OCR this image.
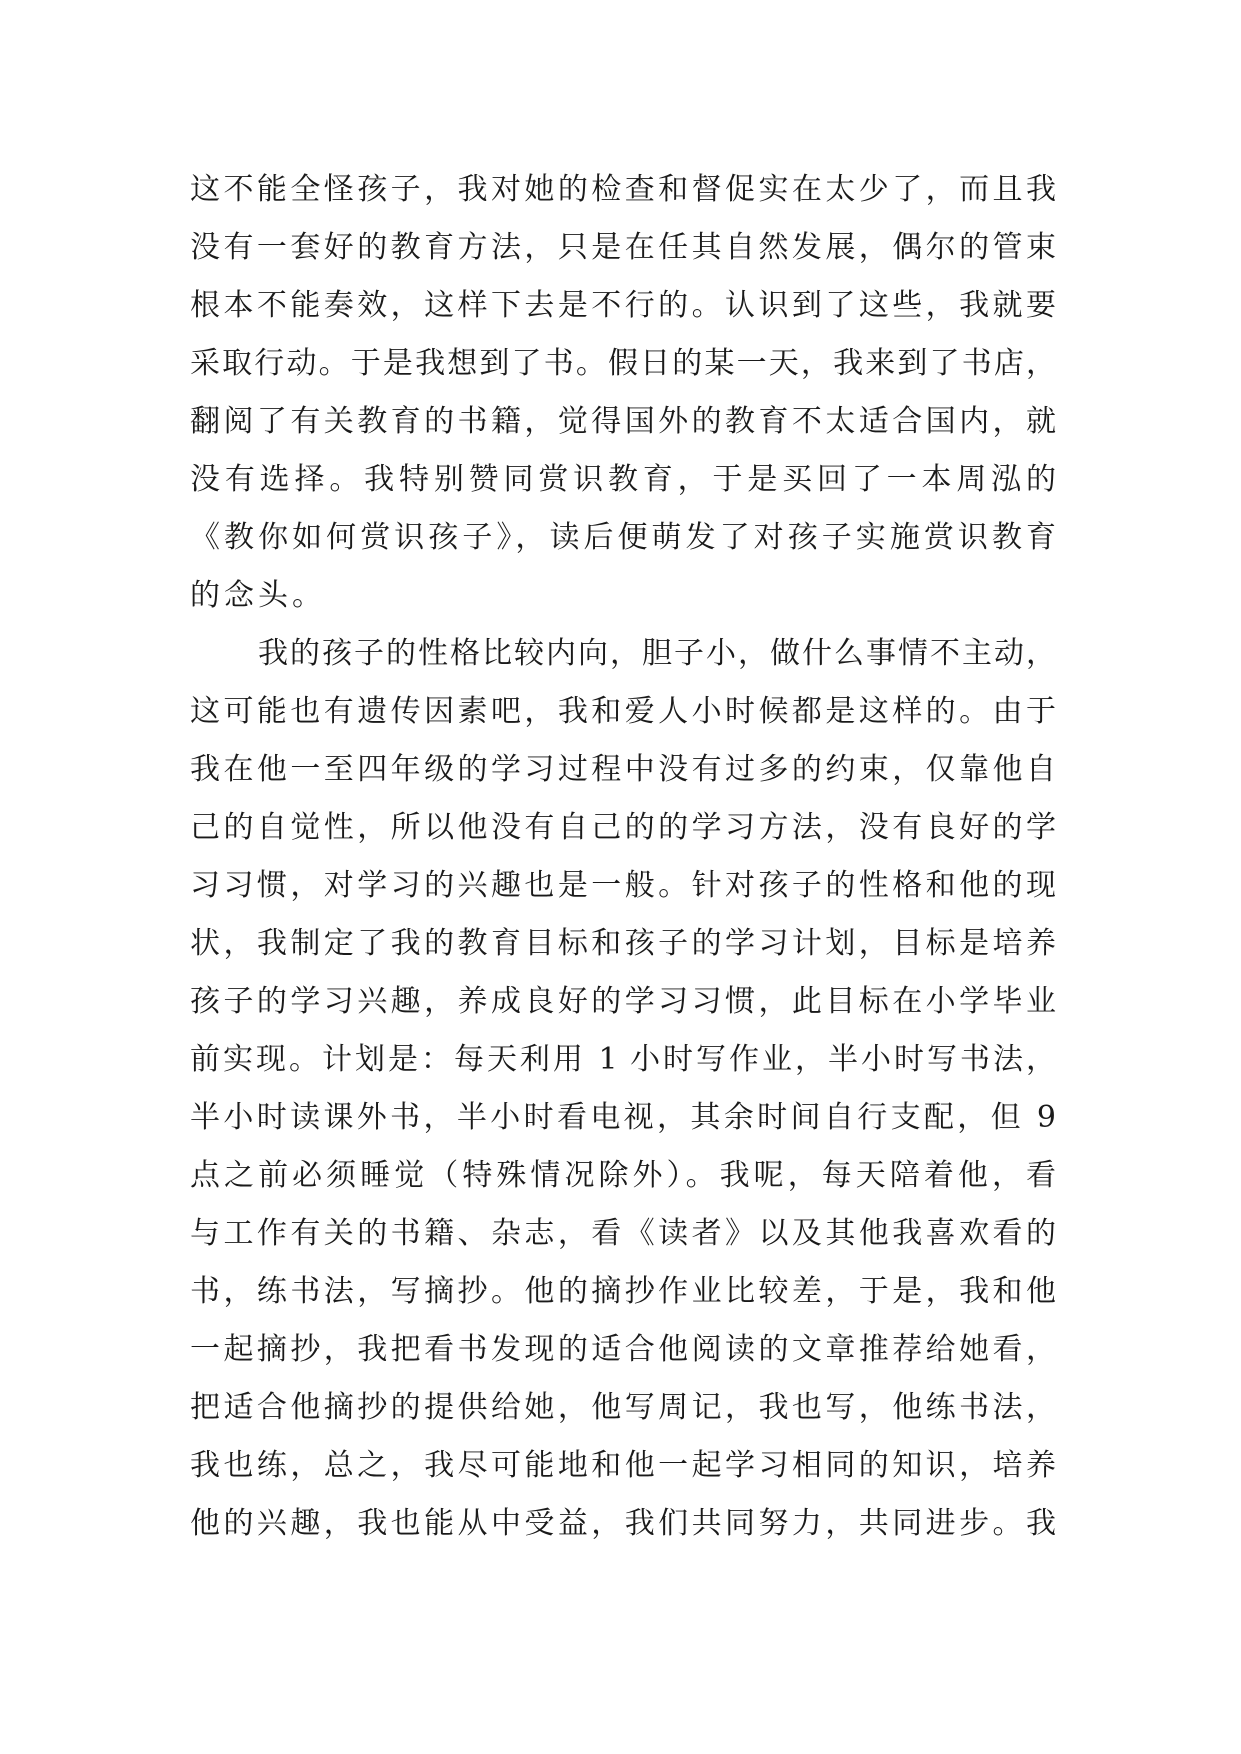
这不能全怪孩子，我对她的检查和督促实在太少了，而且我
没有一套好的教育方法，只是在任其自然发展，偶尔的管束
根本不能奏效，这样下去是不行的。认识到了这些，我就要
采取行动。于是我想到了书。假日的某一天，我来到了书店，
翻阅了有关教育的书籍，觉得国外的教育不太适合国内，就
没有选择。我特别赞同赏识教育，于是买回了一本周泓的
《教你如何赏识孩子》，读后便萌发了对孩子实施赏识教育
的念头。
我的孩子的性格比较内向，胆子小，做什么事情不主动，
这可能也有遗传因素吧，我和爱人小时候都是这样的。由于
我在他一至四年级的学习过程中没有过多的约束，仅靠他自
己的自觉性，所以他没有自己的的学习方法，没有良好的学
习习惯，对学习的兴趣也是一般。针对孩子的性格和他的现
状，我制定了我的教育目标和孩子的学习计划，目标是培养
孩子的学习兴趣，养成良好的学习习惯，此目标在小学毕业
前实现。计划是：每天利用 1 小时写作业，半小时写书法，
半小时读课外书，半小时看电视，其余时间自行支配，但 9
点之前必须睡觉（特殊情况除外）。我呢，每天陪着他，看
与工作有关的书籍、杂志，看《读者》以及其他我喜欢看的
书，练书法，写摘抄。他的摘抄作业比较差，于是，我和他
一起摘抄，我把看书发现的适合他阅读的文章推荐给她看，
把适合他摘抄的提供给她，他写周记，我也写，他练书法，
我也练，总之，我尽可能地和他一起学习相同的知识，培养
他的兴趣，我也能从中受益，我们共同努力，共同进步。我
